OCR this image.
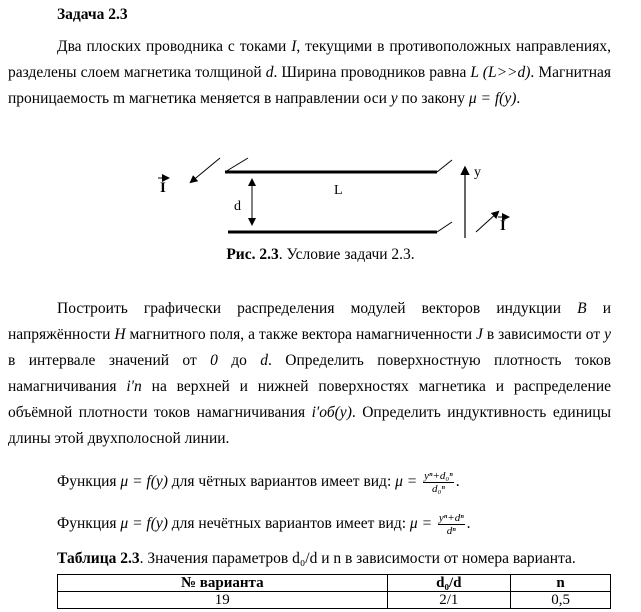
Задача 2.3
Два плоских проводника с токами I, текущими в противоположных направлениях, разделены слоем магнетика толщиной d. Ширина проводников равна L (L>>d). Магнитная проницаемость m магнетика меняется в направлении оси y по закону μ = f(y).
d
L
I
y
I
Рис. 2.3. Условие задачи 2.3.
Построить графически распределения модулей векторов индукции B и напряжённости H магнитного поля, а также вектора намагниченности J в зависимости от y в интервале значений от 0 до d. Определить поверхностную плотность токов намагничивания i′п на верхней и нижней поверхностях магнетика и распределение объёмной плотности токов намагничивания i′об(y). Определить индуктивность единицы длины этой двухполосной линии.
Функция μ = f(y) для чётных вариантов имеет вид: $\mu = \frac{\text{yⁿ+d₀ⁿ}}{\text{d₀ⁿ}}$ .
Функция μ = f(y) для нечётных вариантов имеет вид: $\mu = \frac{\text{yⁿ+dⁿ}}{\text{dⁿ}}$ .
Таблица 2.3. Значения параметров d₀/d и n в зависимости от номера варианта.
№ варианта	d₀/d	n
19	2/1	0,5
